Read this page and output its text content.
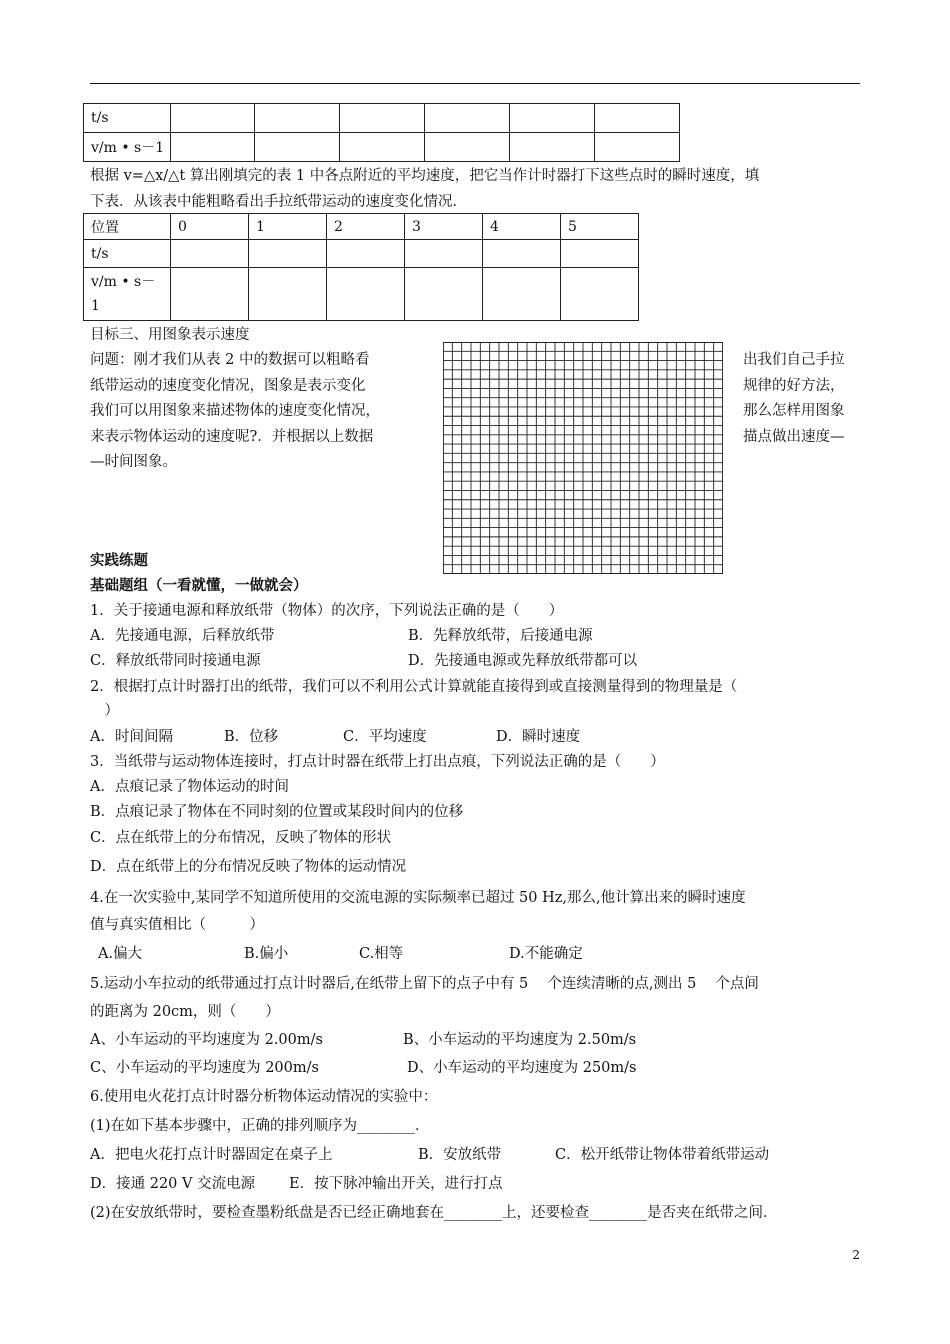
t/s						
v/m • s－1						
根据 v=△x/△t 算出刚填完的表 1 中各点附近的平均速度，把它当作计时器打下这些点时的瞬时速度，填
下表．从该表中能粗略看出手拉纸带运动的速度变化情况．
位置	0	1	2	3	4	5
t/s						
v/m • s－
1						
目标三、用图象表示速度
问题：刚才我们从表 2 中的数据可以粗略看
纸带运动的速度变化情况，图象是表示变化
我们可以用图象来描述物体的速度变化情况，
来表示物体运动的速度呢?．并根据以上数据
—时间图象。
出我们自己手拉
规律的好方法，
那么怎样用图象
描点做出速度—
实践练题
基础题组（一看就懂，一做就会）
1．关于接通电源和释放纸带（物体）的次序，下列说法正确的是（　　）
A．先接通电源，后释放纸带	B．先释放纸带，后接通电源
C．释放纸带同时接通电源	D．先接通电源或先释放纸带都可以
2．根据打点计时器打出的纸带，我们可以不利用公式计算就能直接得到或直接测量得到的物理量是（
　）
A．时间间隔	B．位移	C．平均速度	D．瞬时速度
3．当纸带与运动物体连接时，打点计时器在纸带上打出点痕，下列说法正确的是（　　）
A．点痕记录了物体运动的时间
B．点痕记录了物体在不同时刻的位置或某段时间内的位移
C．点在纸带上的分布情况，反映了物体的形状
D．点在纸带上的分布情况反映了物体的运动情况
4.在一次实验中,某同学不知道所使用的交流电源的实际频率已超过 50 Hz,那么,他计算出来的瞬时速度
值与真实值相比（　　　）
A.偏大	B.偏小	C.相等	D.不能确定
5.运动小车拉动的纸带通过打点计时器后,在纸带上留下的点子中有 5　 个连续清晰的点,测出 5　 个点间
的距离为 20cm，则（　　）
A、小车运动的平均速度为 2.00m/s	B、小车运动的平均速度为 2.50m/s
C、小车运动的平均速度为 200m/s	D、小车运动的平均速度为 250m/s
6.使用电火花打点计时器分析物体运动情况的实验中：
(1)在如下基本步骤中，正确的排列顺序为________．
A．把电火花打点计时器固定在桌子上	B．安放纸带	C．松开纸带让物体带着纸带运动
D．接通 220 V 交流电源 E．按下脉冲输出开关，进行打点
(2)在安放纸带时，要检查墨粉纸盘是否已经正确地套在________上，还要检查________是否夹在纸带之间．
2
